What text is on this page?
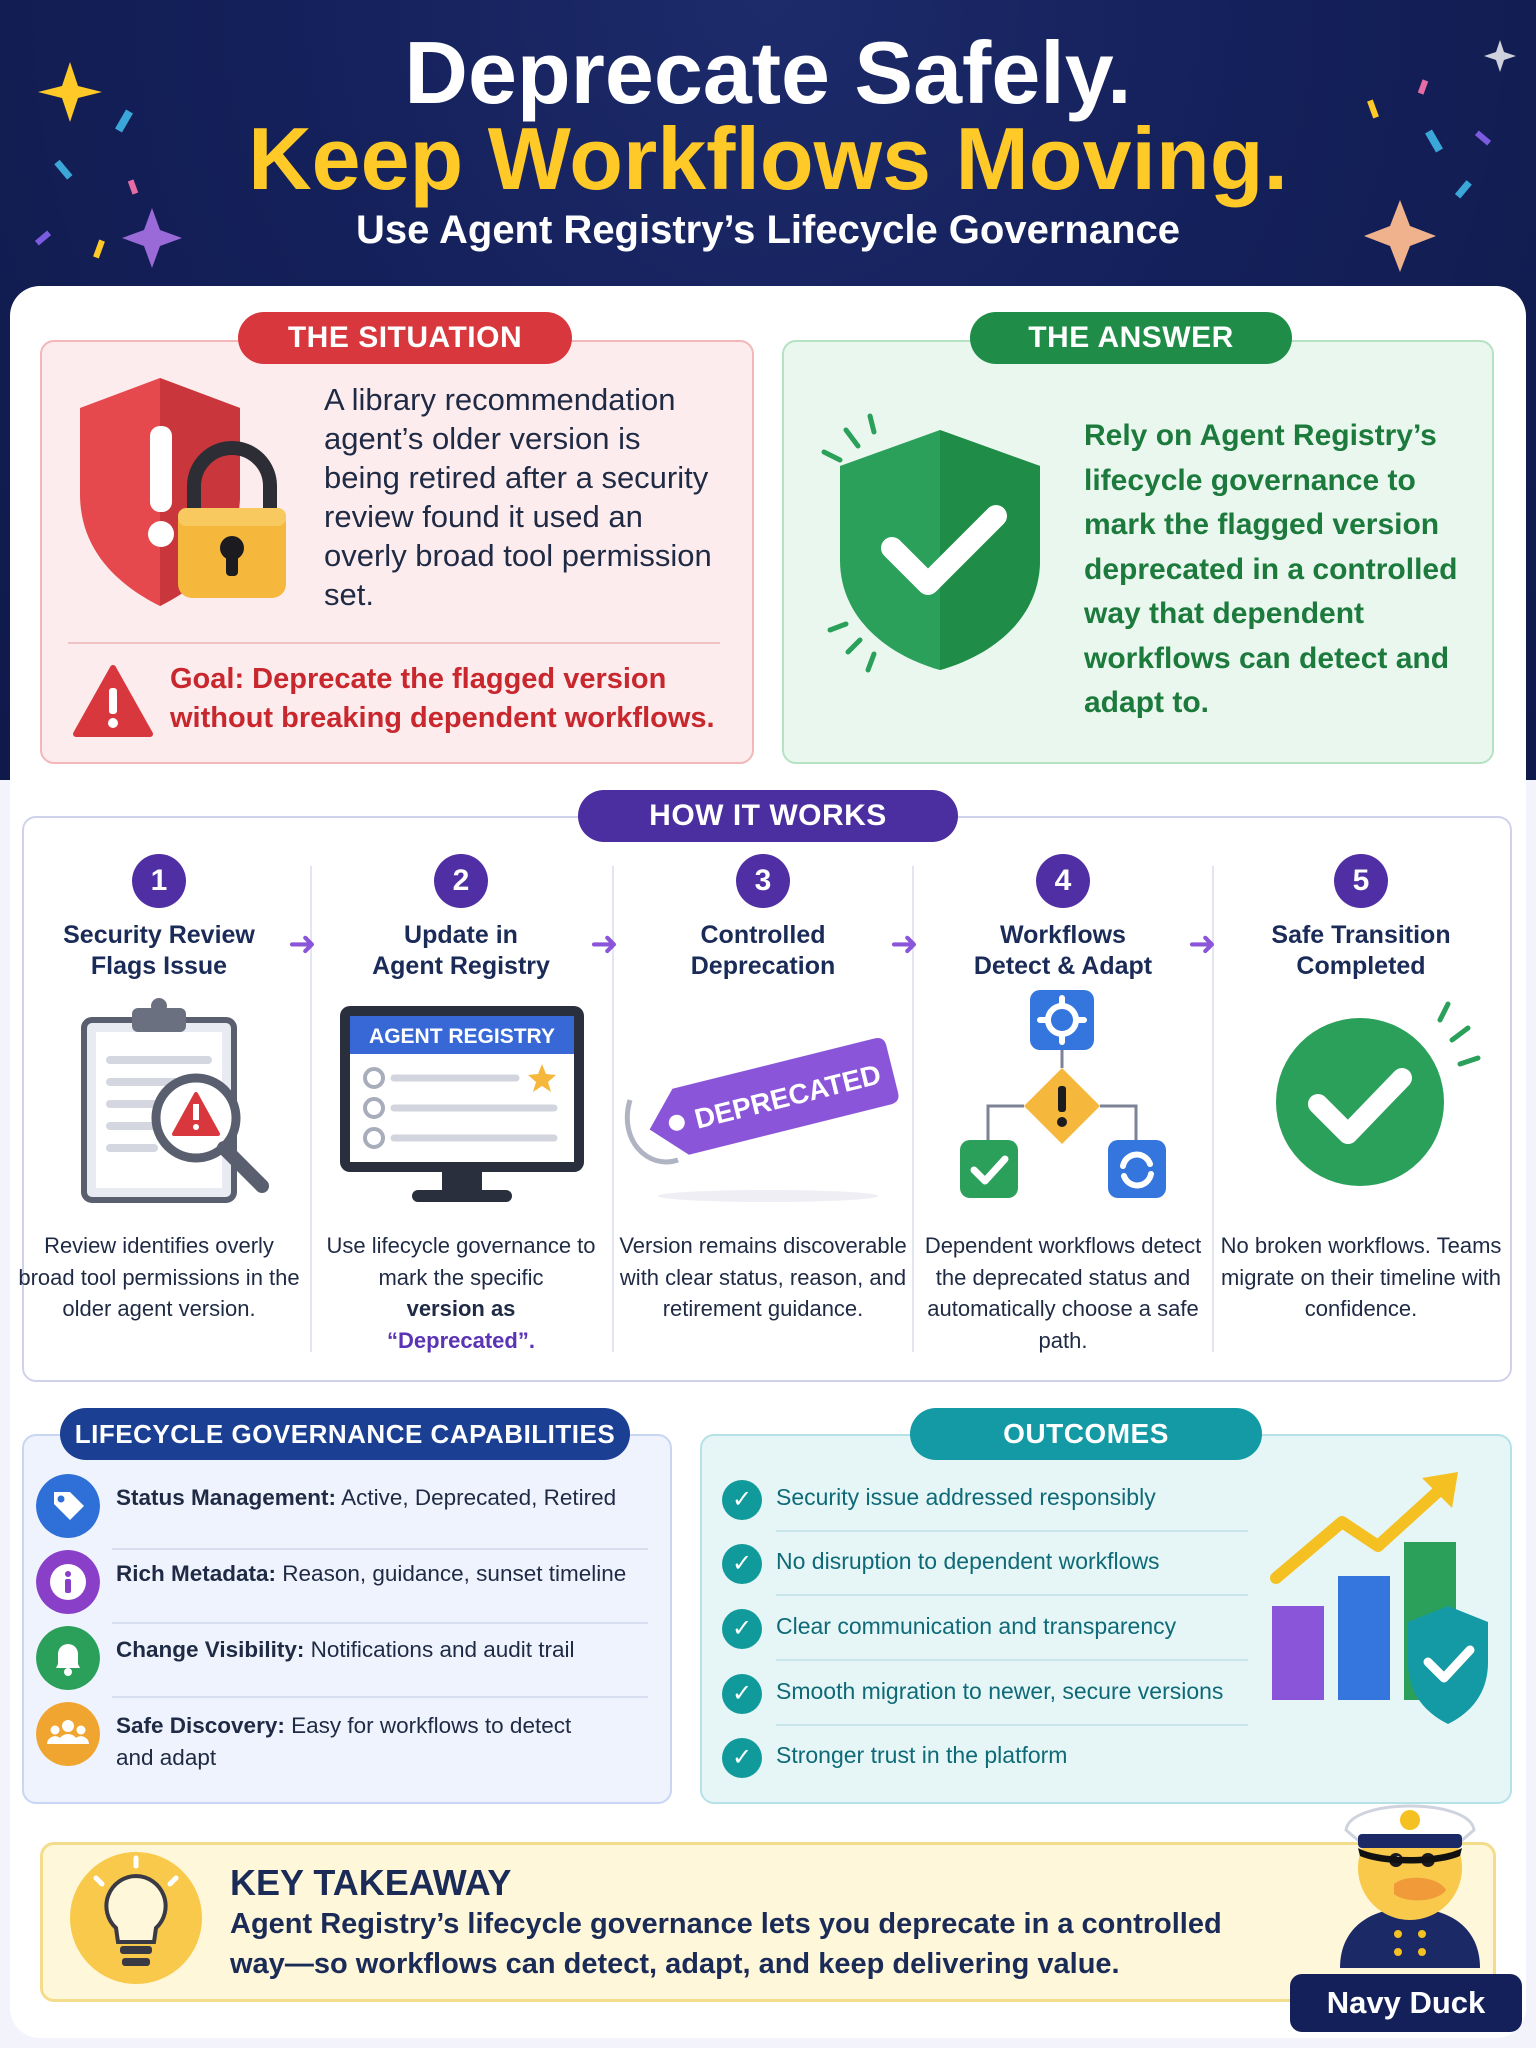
Deprecate Safely.
Keep Workflows Moving.
Use Agent Registry’s Lifecycle Governance
THE SITUATION
A library recommendation agent’s older version is being retired after a security review found it used an overly broad tool permission set.
Goal: Deprecate the flagged version without breaking dependent workflows.
THE ANSWER
Rely on Agent Registry’s lifecycle governance to mark the flagged version deprecated in a controlled way that dependent workflows can detect and adapt to.
HOW IT WORKS
➜	➜	➜	➜
1
Security Review
Flags Issue
Review identifies overly broad tool permissions in the older agent version.
2
Update in
Agent Registry
AGENT REGISTRY
Use lifecycle governance to mark the specific
version as
“Deprecated”.
3
Controlled
Deprecation
DEPRECATED
Version remains discoverable with clear status, reason, and retirement guidance.
4
Workflows
Detect & Adapt
Dependent workflows detect the deprecated status and automatically choose a safe path.
5
Safe Transition
Completed
No broken workflows. Teams migrate on their timeline with confidence.
LIFECYCLE GOVERNANCE CAPABILITIES
Status Management: Active, Deprecated, Retired
Rich Metadata: Reason, guidance, sunset timeline
Change Visibility: Notifications and audit trail
Safe Discovery: Easy for workflows to detect and adapt
OUTCOMES
✓	Security issue addressed responsibly
✓	No disruption to dependent workflows
✓	Clear communication and transparency
✓	Smooth migration to newer, secure versions
✓	Stronger trust in the platform
KEY TAKEAWAY
Agent Registry’s lifecycle governance lets you deprecate in a controlled way—so workflows can detect, adapt, and keep delivering value.
Navy Duck
